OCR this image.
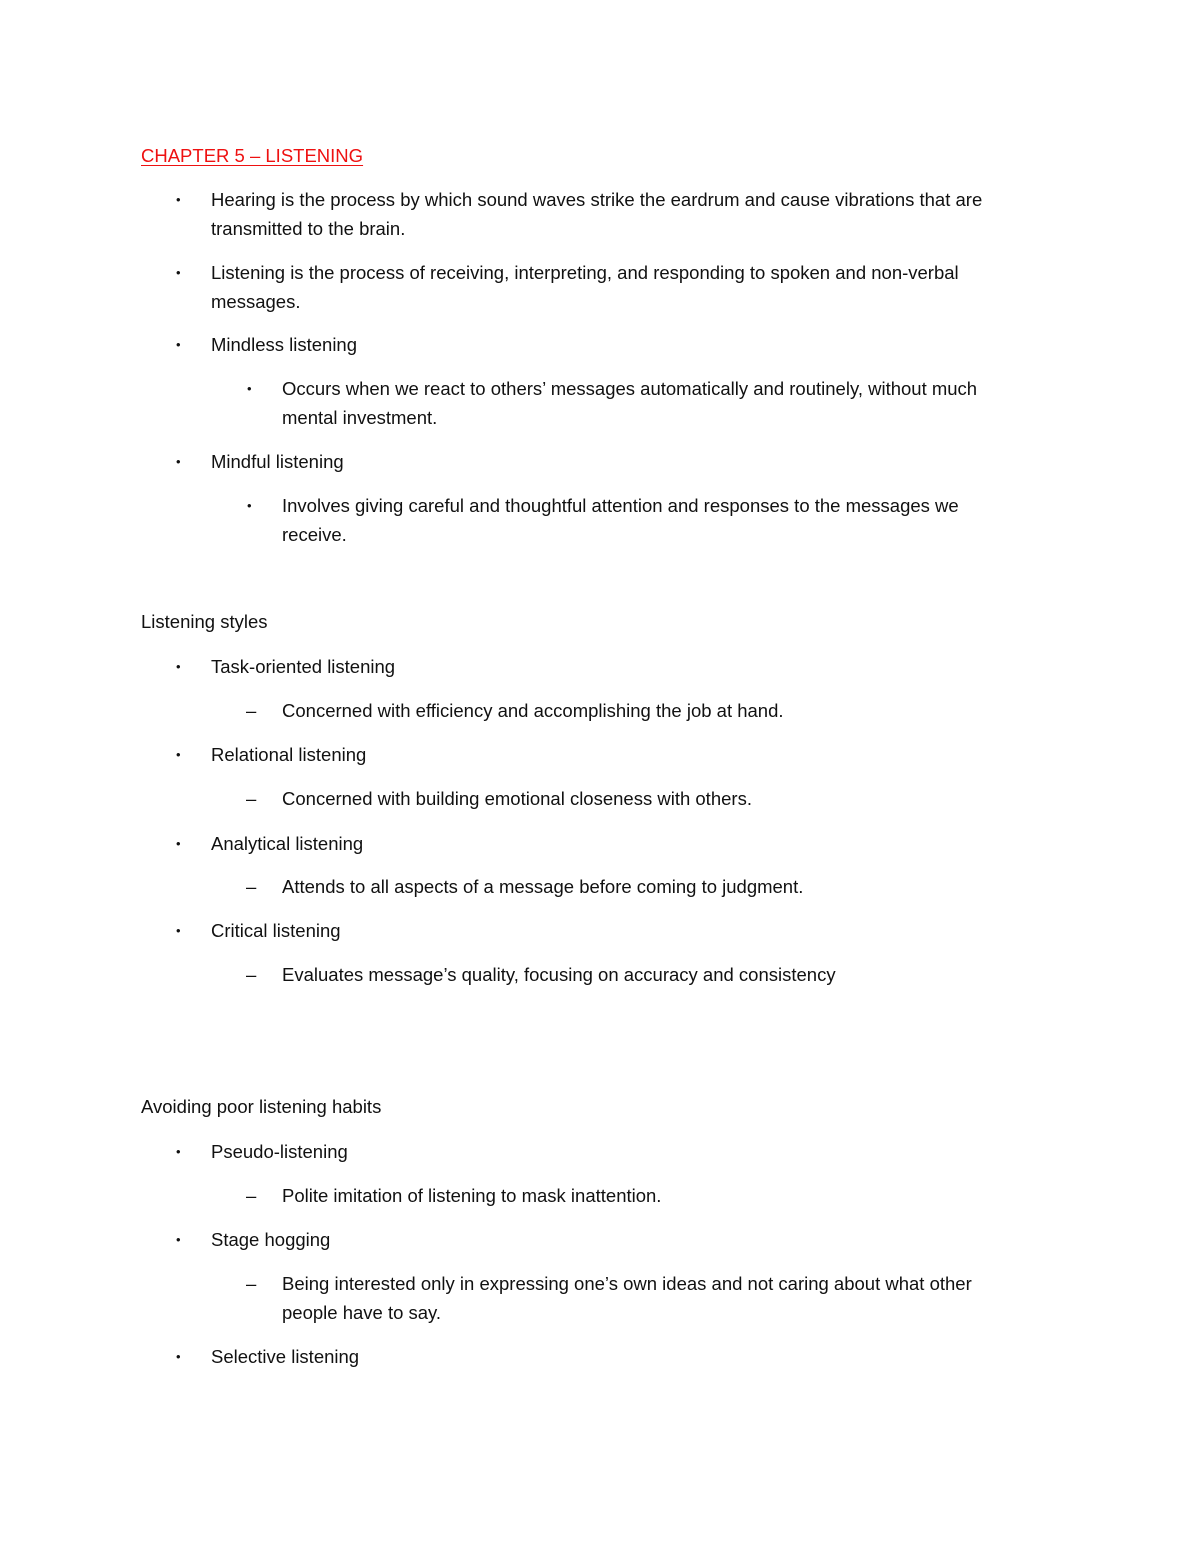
CHAPTER 5 – LISTENING
• Hearing is the process by which sound waves strike the eardrum and cause vibrations that are
transmitted to the brain.
• Listening is the process of receiving, interpreting, and responding to spoken and non-verbal
messages.
• Mindless listening
• Occurs when we react to others’ messages automatically and routinely, without much
mental investment.
• Mindful listening
• Involves giving careful and thoughtful attention and responses to the messages we
receive.
Listening styles
• Task-oriented listening
– Concerned with efficiency and accomplishing the job at hand.
• Relational listening
– Concerned with building emotional closeness with others.
• Analytical listening
– Attends to all aspects of a message before coming to judgment.
• Critical listening
– Evaluates message’s quality, focusing on accuracy and consistency
Avoiding poor listening habits
• Pseudo-listening
– Polite imitation of listening to mask inattention.
• Stage hogging
– Being interested only in expressing one’s own ideas and not caring about what other
people have to say.
• Selective listening
